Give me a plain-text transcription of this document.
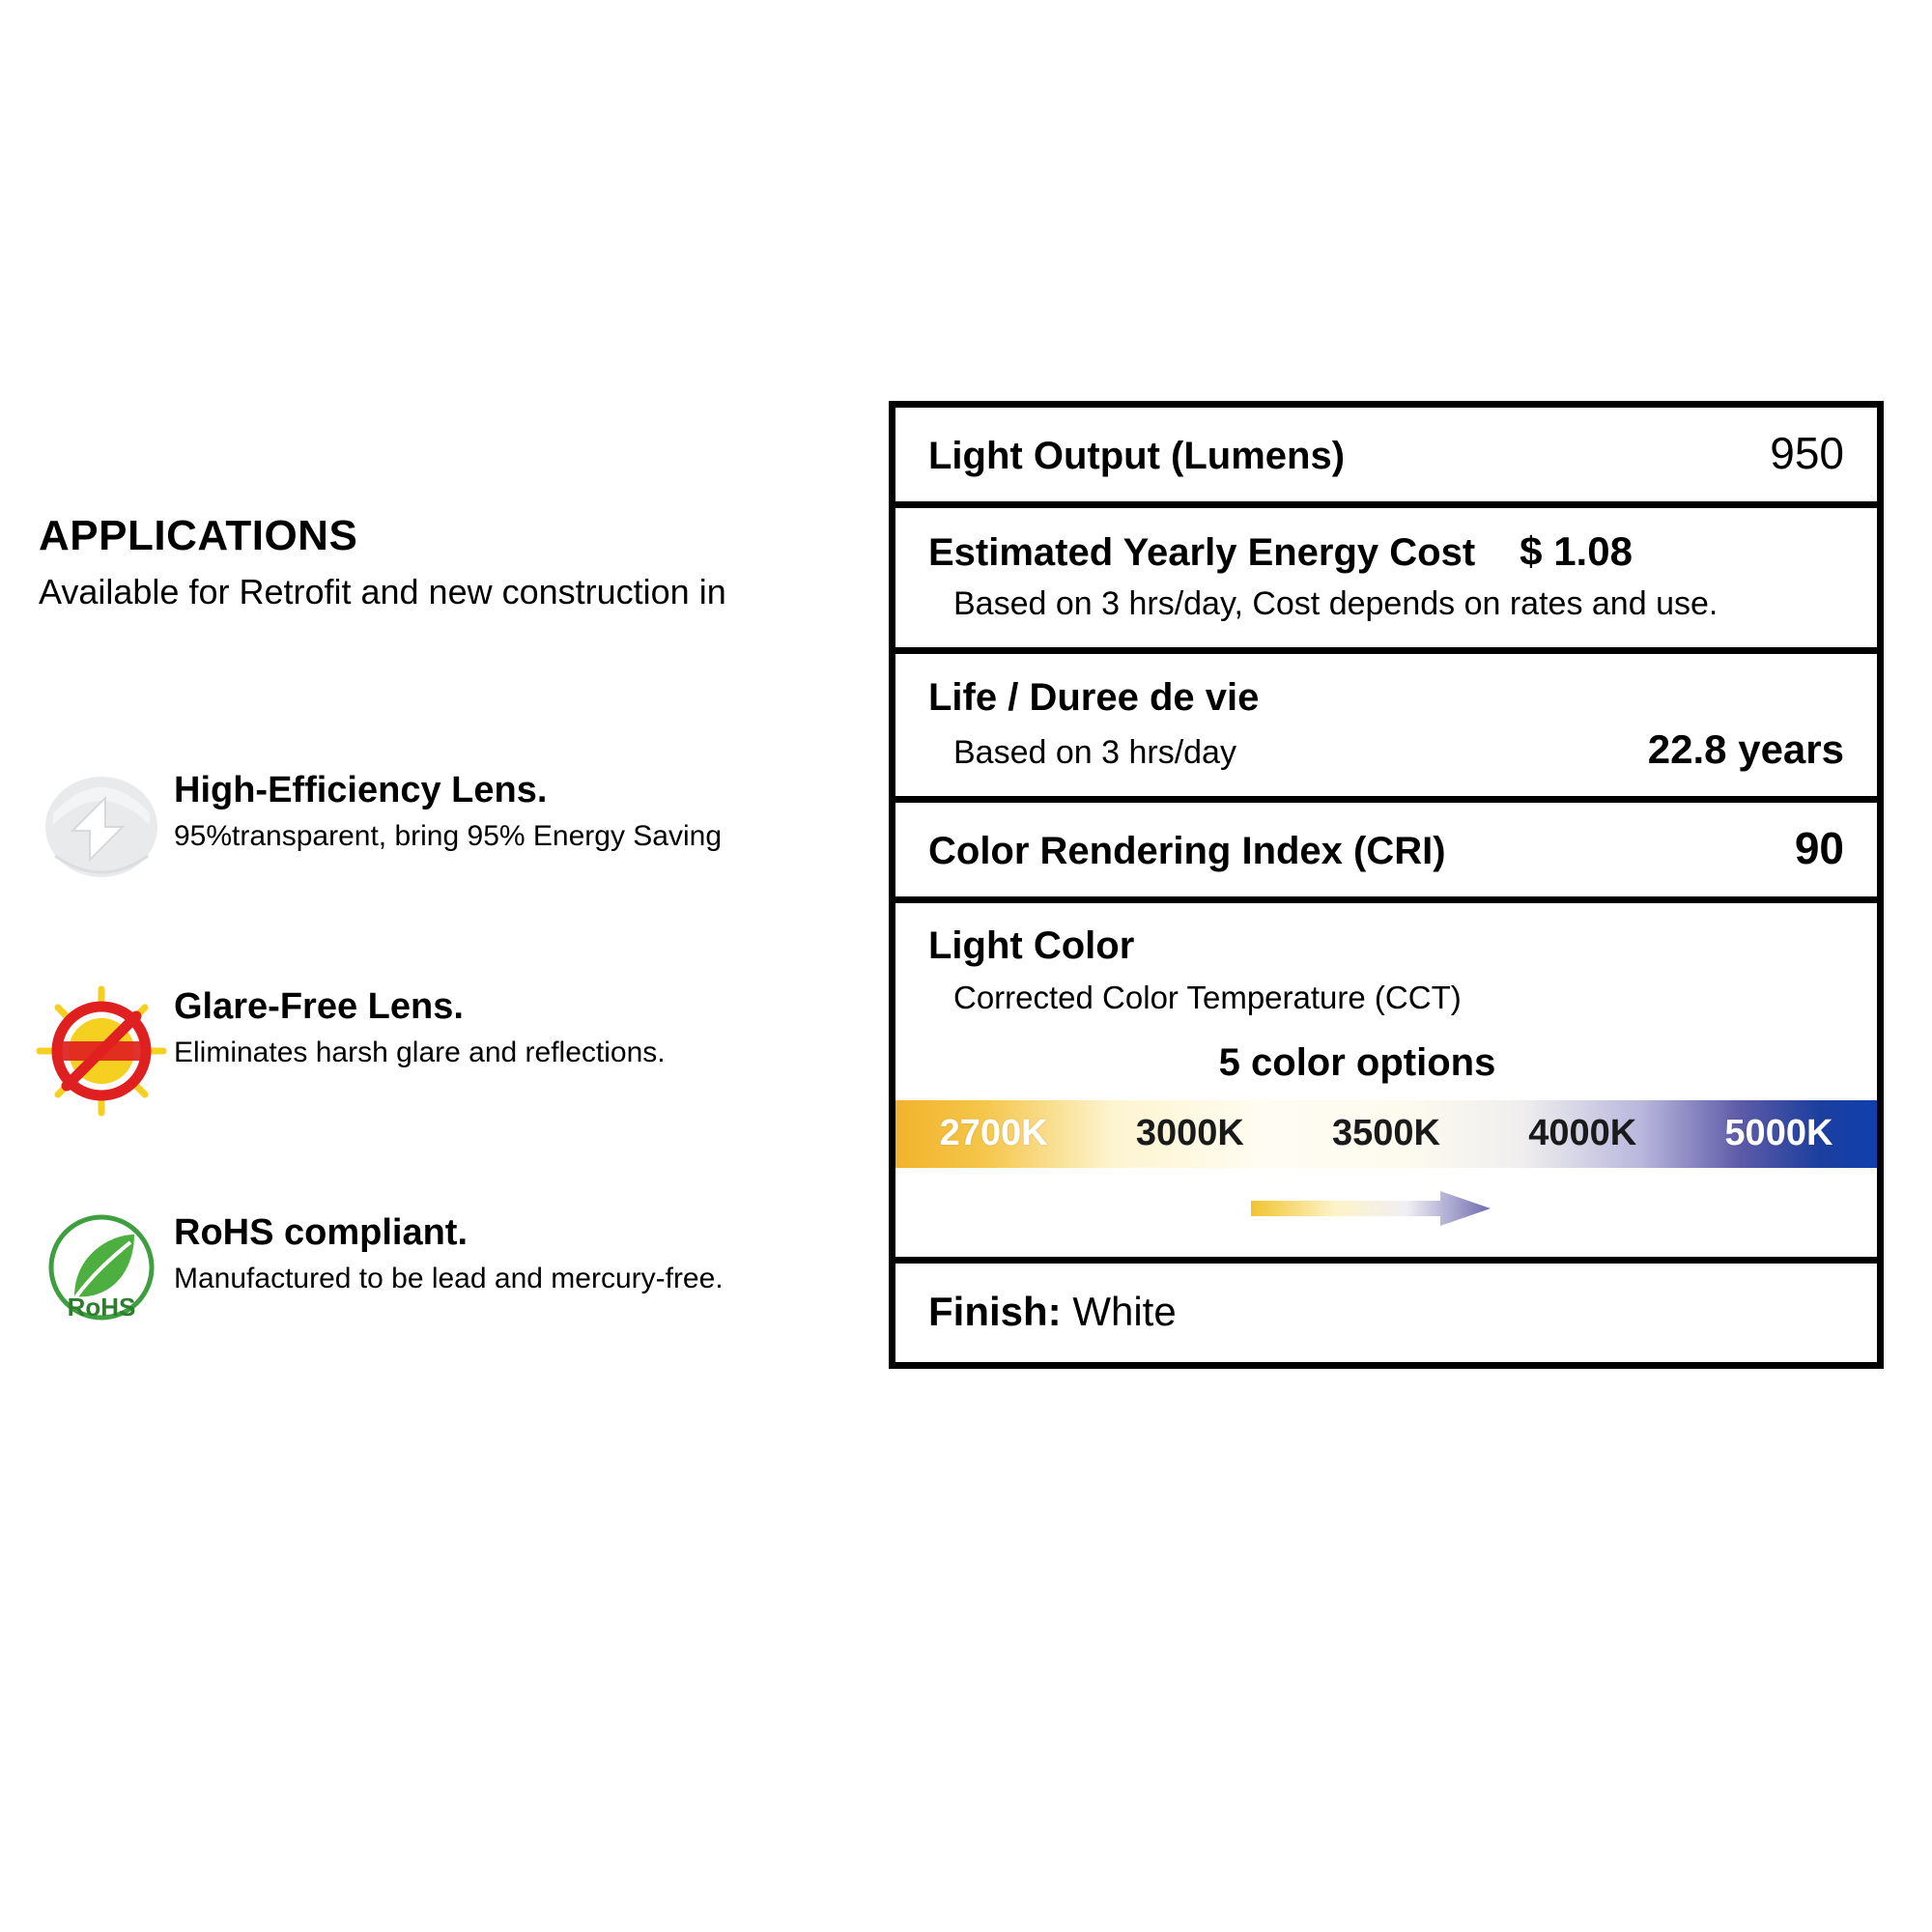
APPLICATIONS

Available for Retrofit and new construction in

High-Efficiency Lens.

95%transparent, bring 95% Energy Saving

Glare-Free Lens.

Eliminates harsh glare and reflections.

RoHS

RoHS compliant.

Manufactured to be lead and mercury-free.

Light Output (Lumens)	950
Estimated Yearly Energy Cost $ 1.08
Based on 3 hrs/day, Cost depends on rates and use.
Life / Duree de vie
Based on 3 hrs/day	22.8 years
Color Rendering Index (CRI)	90
Light Color
Corrected Color Temperature (CCT)
5 color options
2700K	3000K	3500K	4000K	5000K
Finish: White
